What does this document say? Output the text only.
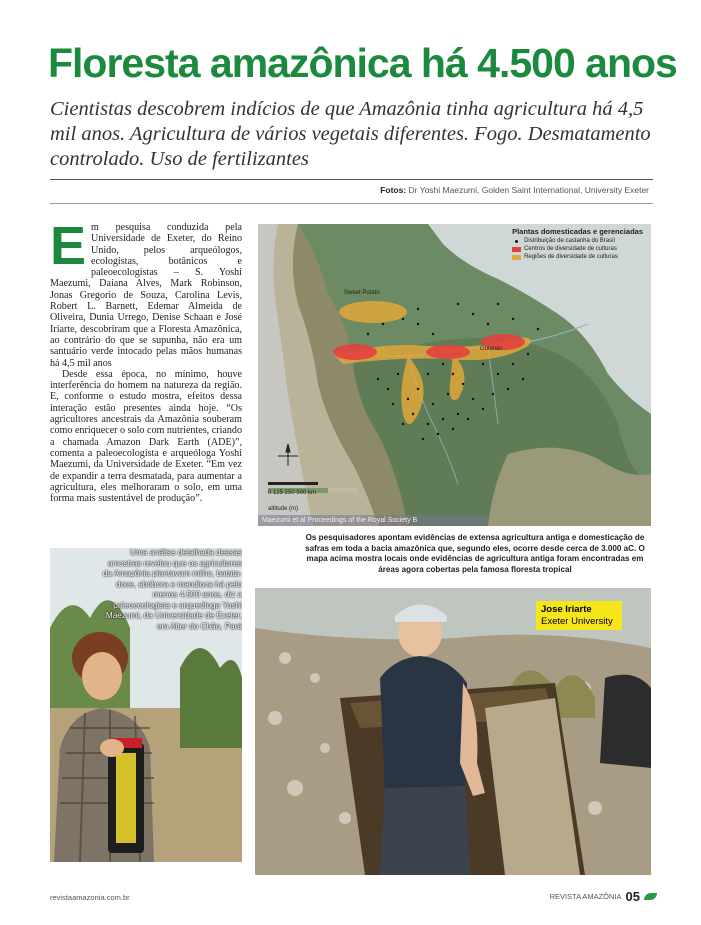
Floresta amazônica há 4.500 anos

Cientistas descobrem indícios de que Amazônia tinha agricultura há 4,5 mil anos. Agricultura de vários vegetais diferentes. Fogo. Desmatamento controlado. Uso de fertilizantes

Fotos: Dr Yoshi Maezumi, Golden Saint International, University Exeter

Em pesquisa conduzida pela Universidade de Exeter, do Reino Unido, pelos arqueólogos, ecologistas, botânicos e paleoecologistas – S. Yoshi Maezumi, Daiana Alves, Mark Robinson, Jonas Gregorio de Souza, Carolina Levis, Robert L. Barnett, Edemar Almeida de Oliveira, Dunia Urrego, Denise Schaan e José Iriarte, descobriram que a Floresta Amazônica, ao contrário do que se supunha, não era um santuário verde intocado pelas mãos humanas há 4,5 mil anos

Desde essa época, no mínimo, houve interferência do homem na natureza da região. E, conforme o estudo mostra, efeitos dessa interação estão presentes ainda hoje. “Os agricultores ancestrais da Amazônia souberam como enriquecer o solo com nutrientes, criando a chamada Amazon Dark Earth (ADE)”, comenta a paleoecologista e arqueóloga Yoshi Maezumi, da Universidade de Exeter. “Em vez de expandir a terra desmatada, para aumentar a agricultura, eles melhoraram o solo, em uma forma mais sustentável de produção”.

Plantas domesticadas e gerenciadas
Distribuição de castanha do Brasil
Centros de diversidade de culturas
Regiões de diversidade de culturas
Sweet Potato
Guianas
0 125 250 500 km
altitude (m)
Maezumi et al Proceedings of the Royal Society B

Os pesquisadores apontam evidências de extensa agricultura antiga e domesticação de safras em toda a bacia amazônica que, segundo eles, ocorre desde cerca de 3.000 aC. O mapa acima mostra locais onde evidências de agricultura antiga foram encontradas em áreas agora cobertas pela famosa floresta tropical

Uma análise detalhada dessas amostras revelou que os agricultores da Amazônia plantavam milho, batata-doce, abóbora e mandioca há pelo menos 4.500 anos, diz a paleoecologista e arqueóloga Yoshi Maezumi, da Universidade de Exeter, em Alter do Chão, Pará

Jose Iriarte
Exeter University
revistaamazonia.com.br	REVISTA AMAZÔNIA 05
